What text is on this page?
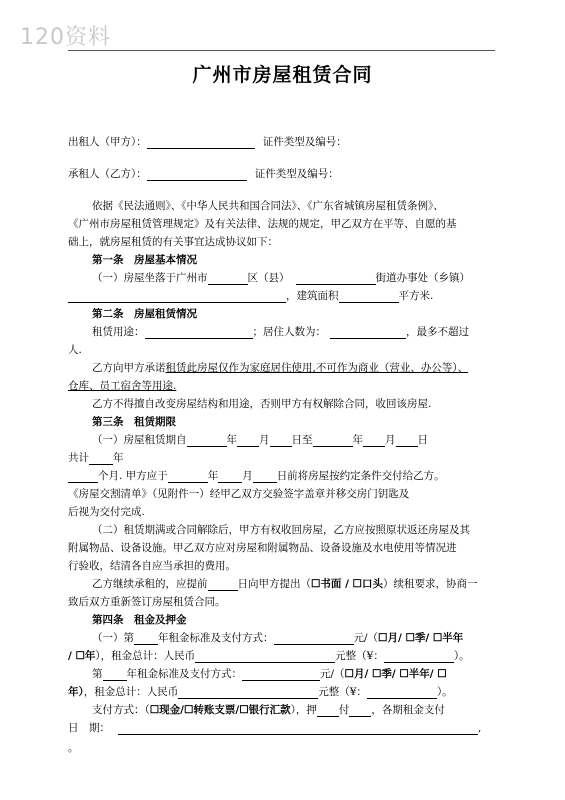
120资料
广州市房屋租赁合同
出租人（甲方）：	证件类型及编号：
承租人（乙方）：	证件类型及编号：
依据《民法通则》、《中华人民共和国合同法》、《广东省城镇房屋租赁条例》、
《广州市房屋租赁管理规定》及有关法律、法规的规定，甲乙双方在平等、自愿的基
础上，就房屋租赁的有关事宜达成协议如下：
第一条　房屋基本情况
（一）房屋坐落于广州市	区（县）	街道办事处（乡镇）
，建筑面积	平方米.
第二条　房屋租赁情况
租赁用途：	；居住人数为：	，最多不超过
人.
乙方向甲方承诺租赁此房屋仅作为家庭居住使用,不可作为商业（营业、办公等）、
仓库、员工宿舍等用途.
乙方不得擅自改变房屋结构和用途，否则甲方有权解除合同，收回该房屋.
第三条　租赁期限
（一）房屋租赁期自	年 月 日至	年 月 日
共计 年
个月. 甲方应于	年 月 日前将房屋按约定条件交付给乙方。
《房屋交割清单》（见附件一）经甲乙双方交验签字盖章并移交房门钥匙及
后视为交付完成.
（二）租赁期满或合同解除后，甲方有权收回房屋，乙方应按照原状返还房屋及其
附属物品、设备设施。甲乙双方应对房屋和附属物品、设备设施及水电使用等情况进
行验收，结清各自应当承担的费用。
乙方继续承租的，应提前	日向甲方提出（☐书面 / ☐口头）续租要求，协商一
致后双方重新签订房屋租赁合同。
第四条　租金及押金
（一）第 年租金标准及支付方式：	元/（☐月/ ☐季/ ☐半年
/ ☐年），租金总计：人民币	元整（¥：	）。
第 年租金标准及支付方式：	元/（☐月/ ☐季/ ☐半年/ ☐
年），租金总计：人民币	元整（¥：	）。
支付方式：（☐现金/☐转账支票/☐银行汇款），押 付 ，各期租金支付
日　期：	,
。
